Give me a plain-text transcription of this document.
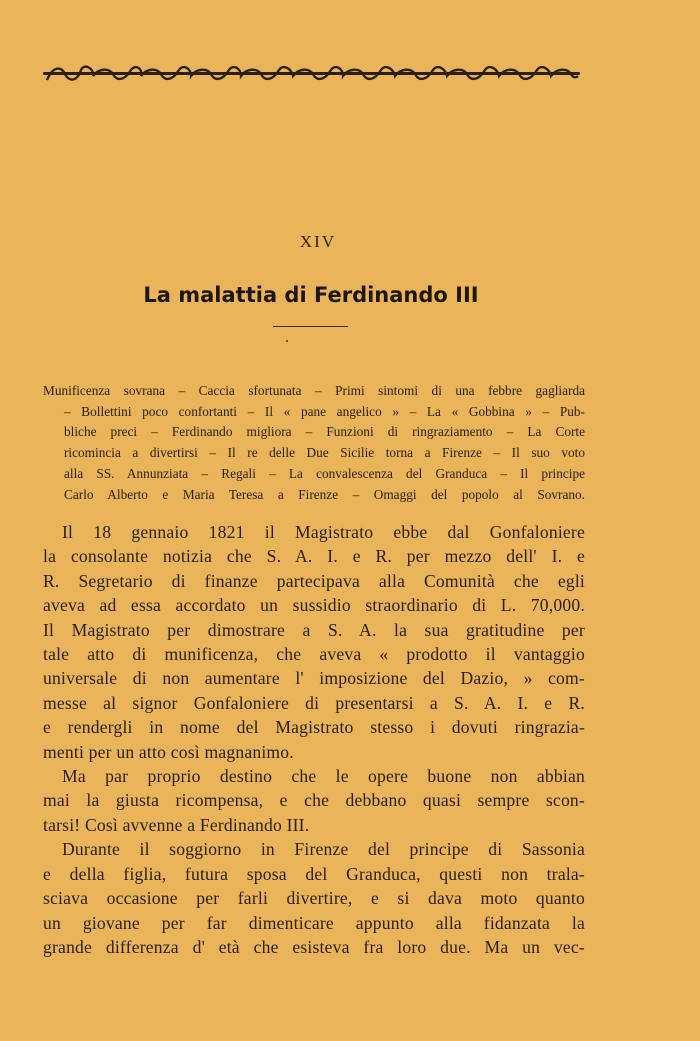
XIV
La malattia di Ferdinando III
Munificenza sovrana – Caccia sfortunata – Primi sintomi di una febbre gagliarda
– Bollettini poco confortanti – Il « pane angelico » – La « Gobbina » – Pub-
bliche preci – Ferdinando migliora – Funzioni di ringraziamento – La Corte
ricomincia a divertirsi – Il re delle Due Sicilie torna a Firenze – Il suo voto
alla SS. Annunziata – Regali – La convalescenza del Granduca – Il principe
Carlo Alberto e Maria Teresa a Firenze – Omaggi del popolo al Sovrano.
Il 18 gennaio 1821 il Magistrato ebbe dal Gonfaloniere
la consolante notizia che S. A. I. e R. per mezzo dell' I. e
R. Segretario di finanze partecipava alla Comunità che egli
aveva ad essa accordato un sussidio straordinario di L. 70,000.
Il Magistrato per dimostrare a S. A. la sua gratitudine per
tale atto di munificenza, che aveva « prodotto il vantaggio
universale di non aumentare l' imposizione del Dazio, » com-
messe al signor Gonfaloniere di presentarsi a S. A. I. e R.
e rendergli in nome del Magistrato stesso i dovuti ringrazia-
menti per un atto così magnanimo.
Ma par proprio destino che le opere buone non abbian
mai la giusta ricompensa, e che debbano quasi sempre scon-
tarsi! Così avvenne a Ferdinando III.
Durante il soggiorno in Firenze del principe di Sassonia
e della figlia, futura sposa del Granduca, questi non trala-
sciava occasione per farli divertire, e si dava moto quanto
un giovane per far dimenticare appunto alla fidanzata la
grande differenza d' età che esisteva fra loro due. Ma un vec-
